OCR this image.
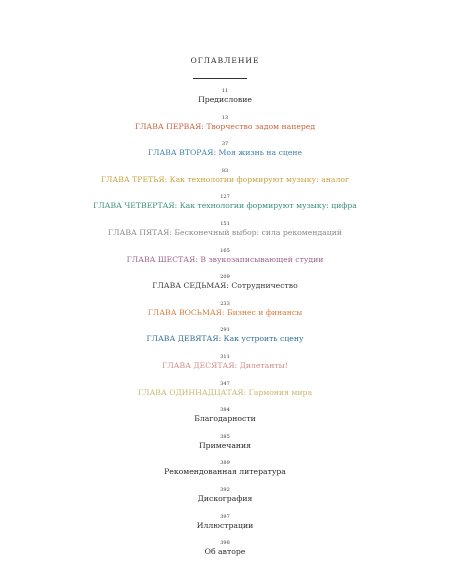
ОГЛАВЛЕНИЕ
11
Предисловие
13
ГЛАВА ПЕРВАЯ: Творчество задом наперед
37
ГЛАВА ВТОРАЯ: Моя жизнь на сцене
83
ГЛАВА ТРЕТЬЯ: Как технологии формируют музыку: аналог
127
ГЛАВА ЧЕТВЕРТАЯ: Как технологии формируют музыку: цифра
151
ГЛАВА ПЯТАЯ: Бесконечный выбор: сила рекомендаций
165
ГЛАВА ШЕСТАЯ: В звукозаписывающей студии
209
ГЛАВА СЕДЬМАЯ: Сотрудничество
233
ГЛАВА ВОСЬМАЯ: Бизнес и финансы
291
ГЛАВА ДЕВЯТАЯ: Как устроить сцену
311
ГЛАВА ДЕСЯТАЯ: Дилетанты!
347
ГЛАВА ОДИННАДЦАТАЯ: Гармония мира
384
Благодарности
385
Примечания
389
Рекомендованная литература
392
Дискография
397
Иллюстрации
398
Об авторе
